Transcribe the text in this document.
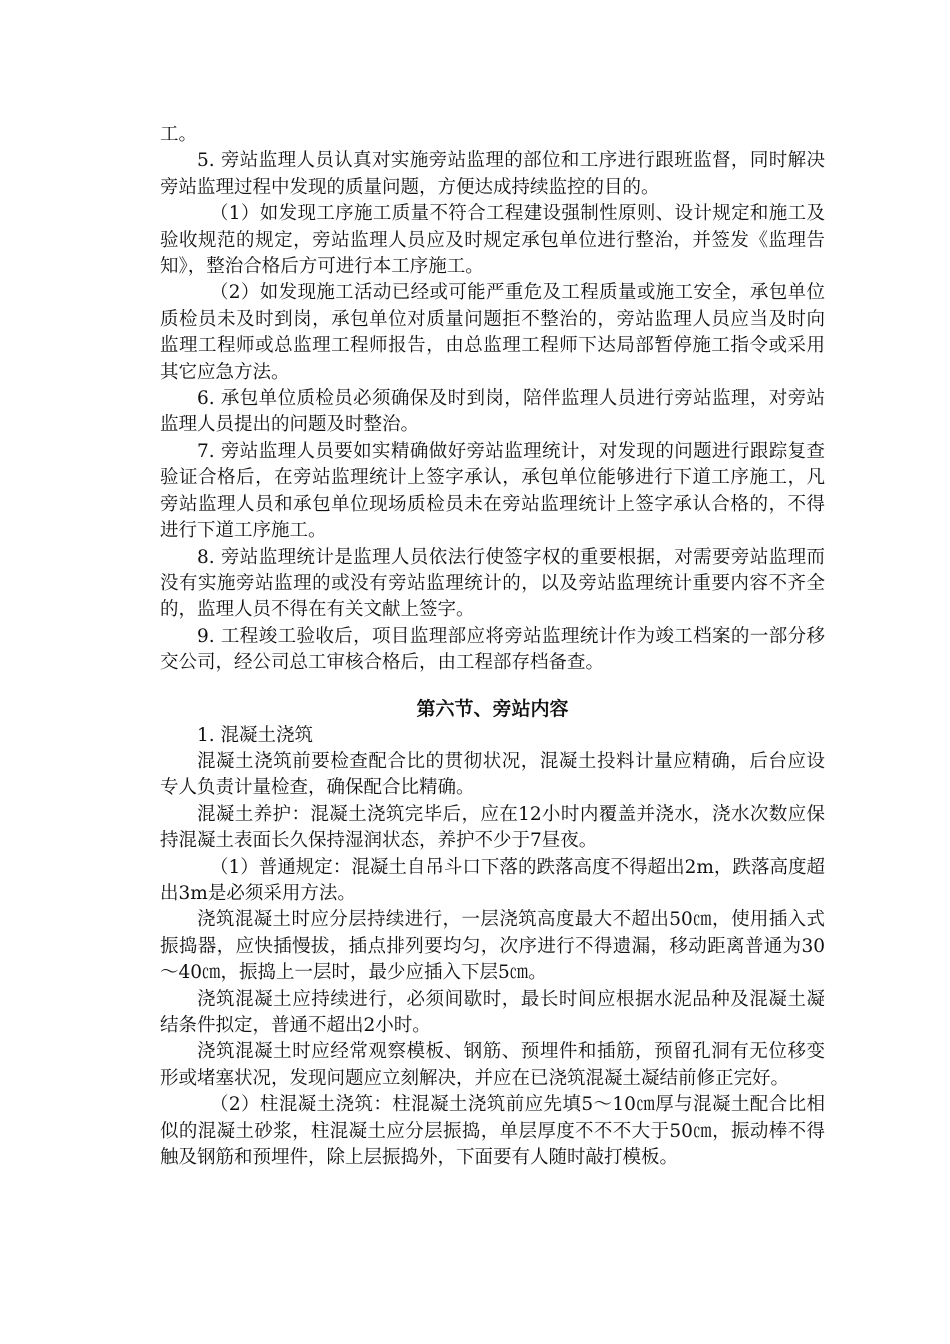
工。

5. 旁站监理人员认真对实施旁站监理的部位和工序进行跟班监督，同时解决旁站监理过程中发现的质量问题，方便达成持续监控的目的。

（1）如发现工序施工质量不符合工程建设强制性原则、设计规定和施工及验收规范的规定，旁站监理人员应及时规定承包单位进行整治，并签发《监理告知》，整治合格后方可进行本工序施工。

（2）如发现施工活动已经或可能严重危及工程质量或施工安全，承包单位质检员未及时到岗，承包单位对质量问题拒不整治的，旁站监理人员应当及时向监理工程师或总监理工程师报告，由总监理工程师下达局部暂停施工指令或采用其它应急方法。

6. 承包单位质检员必须确保及时到岗，陪伴监理人员进行旁站监理，对旁站监理人员提出的问题及时整治。

7. 旁站监理人员要如实精确做好旁站监理统计，对发现的问题进行跟踪复查验证合格后，在旁站监理统计上签字承认，承包单位能够进行下道工序施工，凡旁站监理人员和承包单位现场质检员未在旁站监理统计上签字承认合格的，不得进行下道工序施工。

8. 旁站监理统计是监理人员依法行使签字权的重要根据，对需要旁站监理而没有实施旁站监理的或没有旁站监理统计的，以及旁站监理统计重要内容不齐全的，监理人员不得在有关文献上签字。

9. 工程竣工验收后，项目监理部应将旁站监理统计作为竣工档案的一部分移交公司，经公司总工审核合格后，由工程部存档备查。

第六节、旁站内容

1. 混凝土浇筑

混凝土浇筑前要检查配合比的贯彻状况，混凝土投料计量应精确，后台应设专人负责计量检查，确保配合比精确。

混凝土养护：混凝土浇筑完毕后，应在12小时内覆盖并浇水，浇水次数应保持混凝土表面长久保持湿润状态，养护不少于7昼夜。

（1）普通规定：混凝土自吊斗口下落的跌落高度不得超出2m，跌落高度超出3m是必须采用方法。

浇筑混凝土时应分层持续进行，一层浇筑高度最大不超出50㎝，使用插入式振捣器，应快插慢拔，插点排列要均匀，次序进行不得遗漏，移动距离普通为30～40㎝，振捣上一层时，最少应插入下层5㎝。

浇筑混凝土应持续进行，必须间歇时，最长时间应根据水泥品种及混凝土凝结条件拟定，普通不超出2小时。

浇筑混凝土时应经常观察模板、钢筋、预埋件和插筋，预留孔洞有无位移变形或堵塞状况，发现问题应立刻解决，并应在已浇筑混凝土凝结前修正完好。

（2）柱混凝土浇筑：柱混凝土浇筑前应先填5～10㎝厚与混凝土配合比相似的混凝土砂浆，柱混凝土应分层振捣，单层厚度不不不大于50㎝，振动棒不得触及钢筋和预埋件，除上层振捣外，下面要有人随时敲打模板。
